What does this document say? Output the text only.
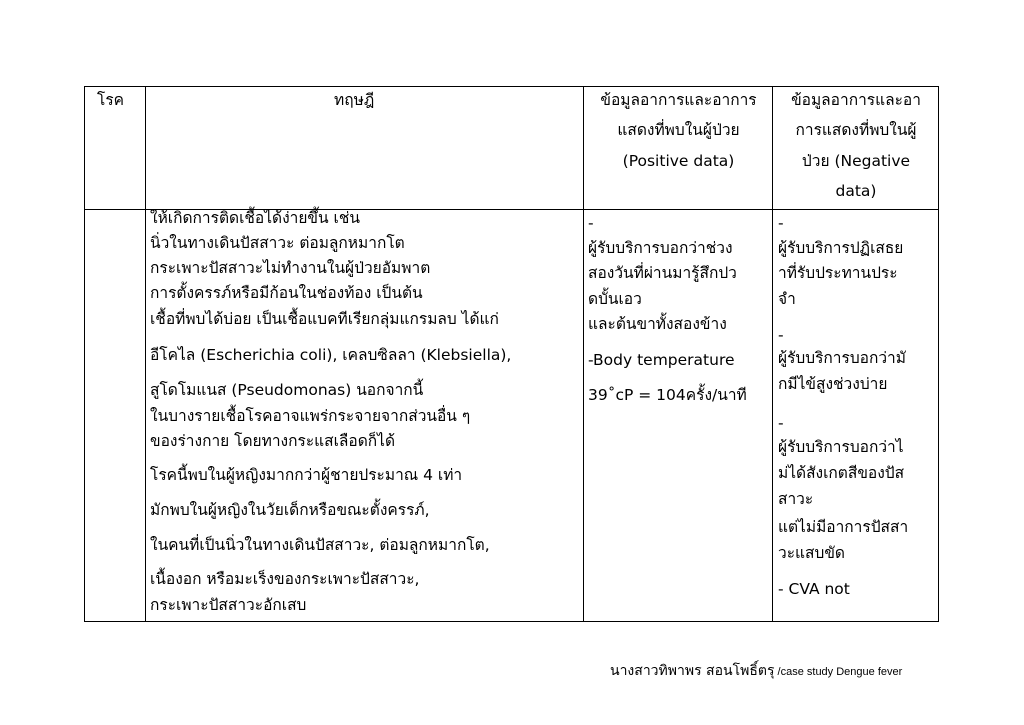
โรค	ทฤษฎี	ข้อมูลอาการและอาการ
แสดงที่พบในผู้ป่วย
(Positive data)
ข้อมูลอาการและอา
การแสดงที่พบในผู้
ป่วย (Negative
data)
ให้เกิดการติดเชื้อได้ง่ายขึ้น เช่น
นิ่วในทางเดินปัสสาวะ ต่อมลูกหมากโต
กระเพาะปัสสาวะไม่ทำงานในผู้ป่วยอัมพาต
การตั้งครรภ์หรือมีก้อนในช่องท้อง เป็นต้น
เชื้อที่พบได้บ่อย เป็นเชื้อแบคทีเรียกลุ่มแกรมลบ ได้แก่
อีโคไล (Escherichia coli), เคลบซิลลา (Klebsiella),
สูโดโมแนส (Pseudomonas) นอกจากนี้
ในบางรายเชื้อโรคอาจแพร่กระจายจากส่วนอื่น ๆ
ของร่างกาย โดยทางกระแสเลือดก็ได้
โรคนี้พบในผู้หญิงมากกว่าผู้ชายประมาณ 4 เท่า
มักพบในผู้หญิงในวัยเด็กหรือขณะตั้งครรภ์,
ในคนที่เป็นนิ่วในทางเดินปัสสาวะ, ต่อมลูกหมากโต,
เนื้องอก หรือมะเร็งของกระเพาะปัสสาวะ,
กระเพาะปัสสาวะอักเสบ
-
ผู้รับบริการบอกว่าช่วง
สองวันที่ผ่านมารู้สึกปว
ดบั้นเอว
และต้นขาทั้งสองข้าง
-Body temperature
39˚cP = 104ครั้ง/นาที
-
ผู้รับบริการปฏิเสธย
าที่รับประทานประ
จำ
-
ผู้รับบริการบอกว่ามั
กมีไข้สูงช่วงบ่าย
-
ผู้รับบริการบอกว่าไ
ม่ได้สังเกตสีของปัส
สาวะ
แต่ไม่มีอาการปัสสา
วะแสบขัด
- CVA not
นางสาวทิพาพร สอนโพธิ์ตรุ /case study Dengue fever
